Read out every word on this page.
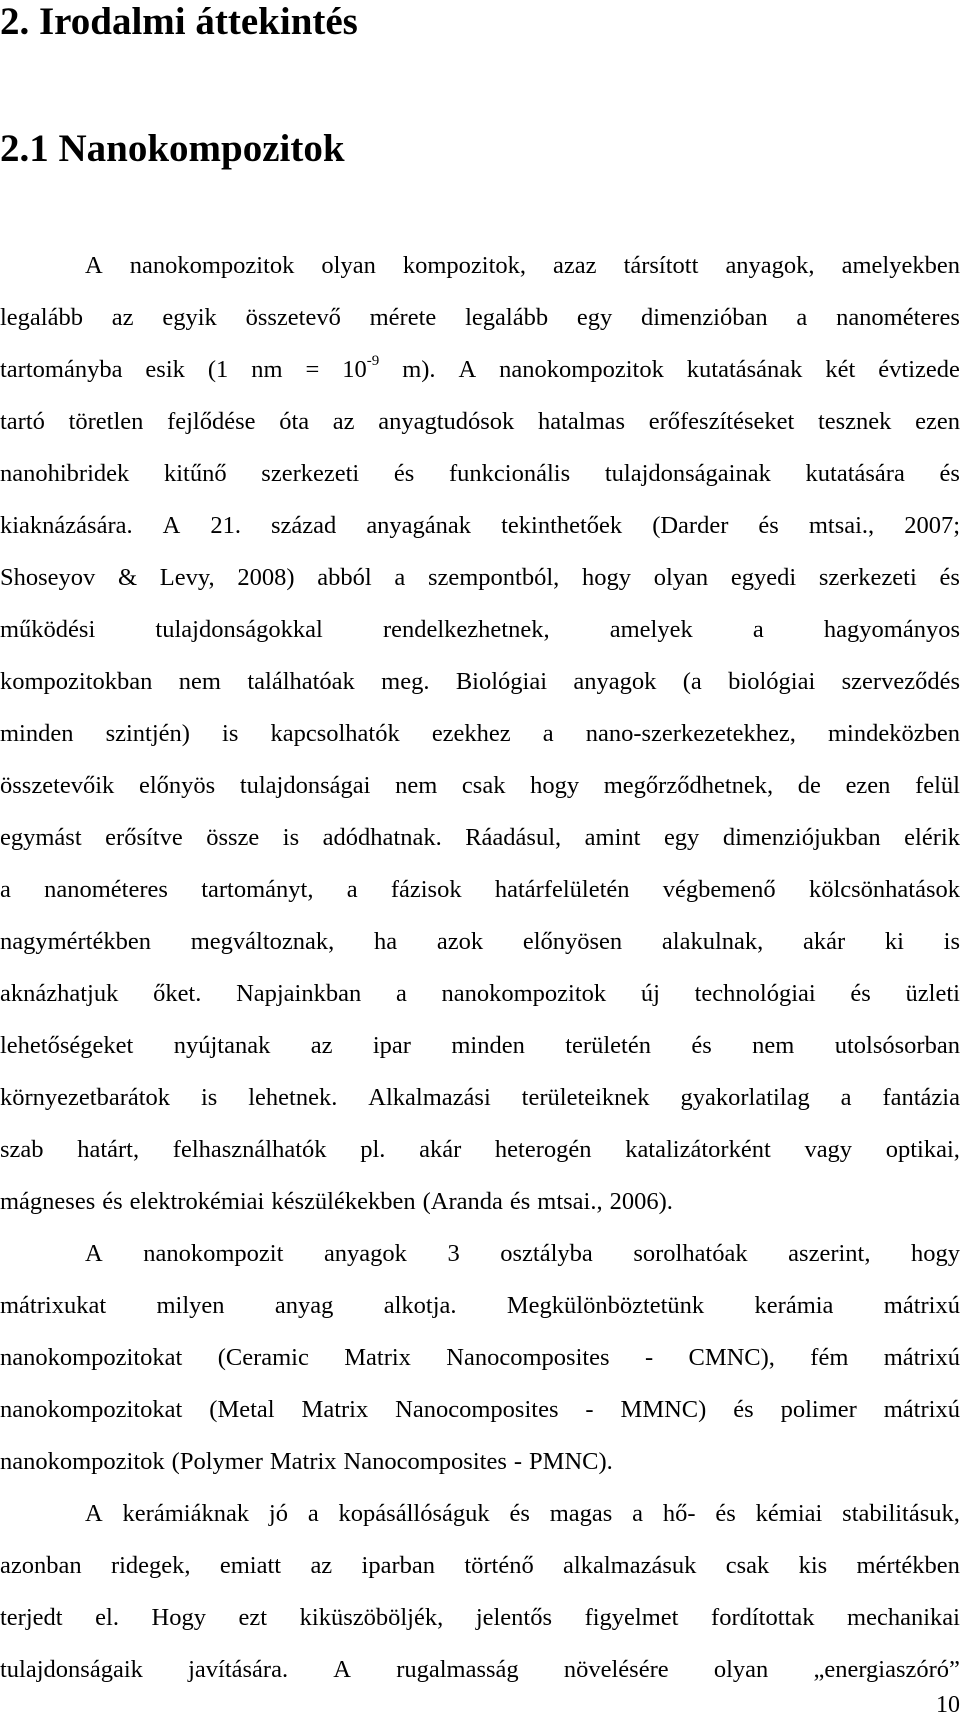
2. Irodalmi áttekintés
2.1 Nanokompozitok
A nanokompozitok olyan kompozitok, azaz társított anyagok, amelyekben
legalább az egyik összetevő mérete legalább egy dimenzióban a nanométeres
tartományba esik (1 nm = $10^{-9}$ m). A nanokompozitok kutatásának két évtizede
tartó töretlen fejlődése óta az anyagtudósok hatalmas erőfeszítéseket tesznek ezen
nanohibridek kitűnő szerkezeti és funkcionális tulajdonságainak kutatására és
kiaknázására. A 21. század anyagának tekinthetőek (Darder és mtsai., 2007;
Shoseyov & Levy, 2008) abból a szempontból, hogy olyan egyedi szerkezeti és
működési tulajdonságokkal rendelkezhetnek, amelyek a hagyományos
kompozitokban nem találhatóak meg. Biológiai anyagok (a biológiai szerveződés
minden szintjén) is kapcsolhatók ezekhez a nano-szerkezetekhez, mindeközben
összetevőik előnyös tulajdonságai nem csak hogy megőrződhetnek, de ezen felül
egymást erősítve össze is adódhatnak. Ráadásul, amint egy dimenziójukban elérik
a nanométeres tartományt, a fázisok határfelületén végbemenő kölcsönhatások
nagymértékben megváltoznak, ha azok előnyösen alakulnak, akár ki is
aknázhatjuk őket. Napjainkban a nanokompozitok új technológiai és üzleti
lehetőségeket nyújtanak az ipar minden területén és nem utolsósorban
környezetbarátok is lehetnek. Alkalmazási területeiknek gyakorlatilag a fantázia
szab határt, felhasználhatók pl. akár heterogén katalizátorként vagy optikai,
mágneses és elektrokémiai készülékekben (Aranda és mtsai., 2006).
A nanokompozit anyagok 3 osztályba sorolhatóak aszerint, hogy
mátrixukat milyen anyag alkotja. Megkülönböztetünk kerámia mátrixú
nanokompozitokat (Ceramic Matrix Nanocomposites - CMNC), fém mátrixú
nanokompozitokat (Metal Matrix Nanocomposites - MMNC) és polimer mátrixú
nanokompozitok (Polymer Matrix Nanocomposites - PMNC).
A kerámiáknak jó a kopásállóságuk és magas a hő- és kémiai stabilitásuk,
azonban ridegek, emiatt az iparban történő alkalmazásuk csak kis mértékben
terjedt el. Hogy ezt kiküszöböljék, jelentős figyelmet fordítottak mechanikai
tulajdonságaik javítására. A rugalmasság növelésére olyan „energiaszóró”
10
